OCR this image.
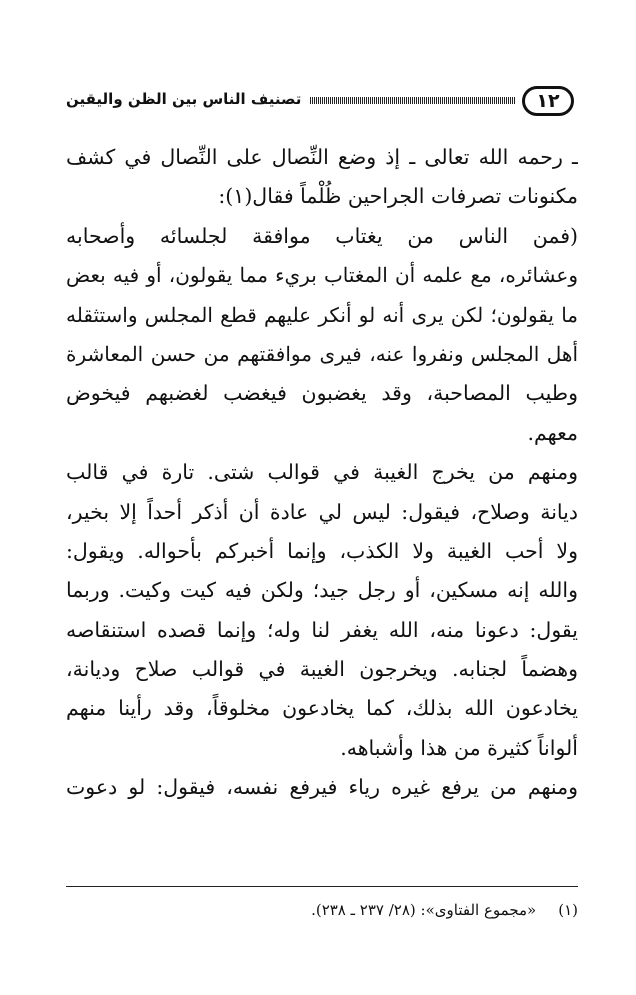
١٢
تصنيف الناس بين الظن واليقين
ـ رحمه الله تعالى ـ إذ وضع النِّصال على النِّصال في كشف
مكنونات تصرفات الجراحين ظُلْماً فقال(١):
(فمن الناس من يغتاب موافقة لجلسائه وأصحابه
وعشائره، مع علمه أن المغتاب بريء مما يقولون، أو فيه بعض
ما يقولون؛ لكن يرى أنه لو أنكر عليهم قطع المجلس واستثقله
أهل المجلس ونفروا عنه، فيرى موافقتهم من حسن المعاشرة
وطيب المصاحبة، وقد يغضبون فيغضب لغضبهم فيخوض
معهم.
ومنهم من يخرج الغيبة في قوالب شتى. تارة في قالب
ديانة وصلاح، فيقول: ليس لي عادة أن أذكر أحداً إلا بخير،
ولا أحب الغيبة ولا الكذب، وإنما أخبركم بأحواله. ويقول:
والله إنه مسكين، أو رجل جيد؛ ولكن فيه كيت وكيت. وربما
يقول: دعونا منه، الله يغفر لنا وله؛ وإنما قصده استنقاصه
وهضماً لجنابه. ويخرجون الغيبة في قوالب صلاح وديانة،
يخادعون الله بذلك، كما يخادعون مخلوقاً، وقد رأينا منهم
ألواناً كثيرة من هذا وأشباهه.
ومنهم من يرفع غيره رياء فيرفع نفسه، فيقول: لو دعوت
(١)«مجموع الفتاوى»: (٢٨/ ٢٣٧ ـ ٢٣٨).
